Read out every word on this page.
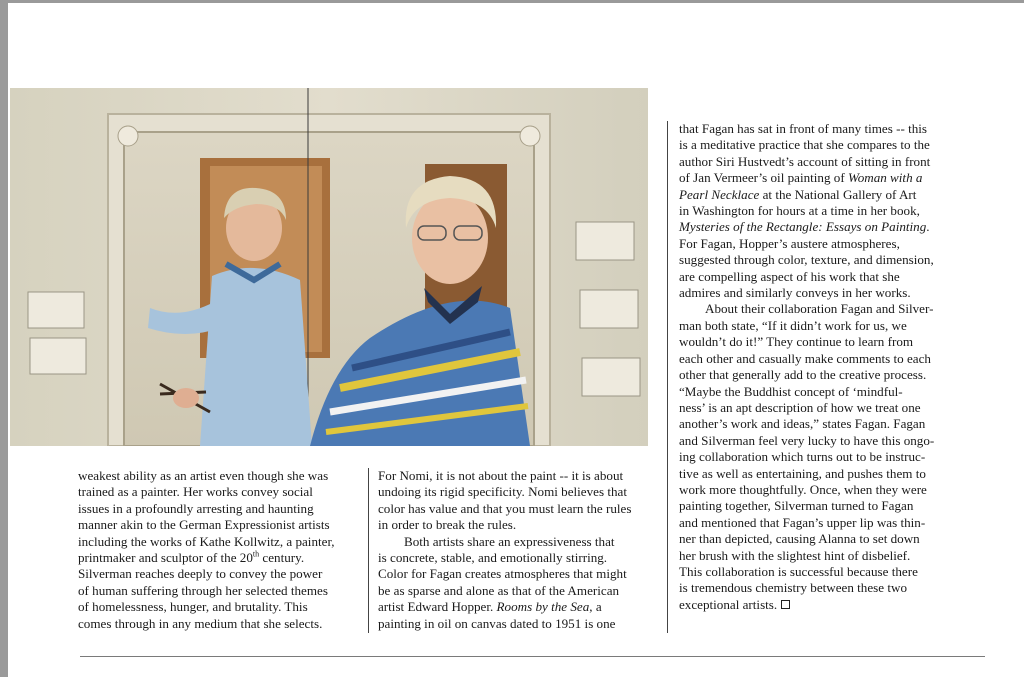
weakest ability as an artist even though she was
trained as a painter. Her works convey social
issues in a profoundly arresting and haunting
manner akin to the German Expressionist artists
including the works of Kathe Kollwitz, a painter,
printmaker and sculptor of the 20th century.
Silverman reaches deeply to convey the power
of human suffering through her selected themes
of homelessness, hunger, and brutality. This
comes through in any medium that she selects.
For Nomi, it is not about the paint -- it is about
undoing its rigid specificity. Nomi believes that
color has value and that you must learn the rules
in order to break the rules.
Both artists share an expressiveness that
is concrete, stable, and emotionally stirring.
Color for Fagan creates atmospheres that might
be as sparse and alone as that of the American
artist Edward Hopper. Rooms by the Sea, a
painting in oil on canvas dated to 1951 is one
that Fagan has sat in front of many times -- this
is a meditative practice that she compares to the
author Siri Hustvedt’s account of sitting in front
of Jan Vermeer’s oil painting of Woman with a
Pearl Necklace at the National Gallery of Art
in Washington for hours at a time in her book,
Mysteries of the Rectangle: Essays on Painting.
For Fagan, Hopper’s austere atmospheres,
suggested through color, texture, and dimension,
are compelling aspect of his work that she
admires and similarly conveys in her works.
About their collaboration Fagan and Silver-
man both state, “If it didn’t work for us, we
wouldn’t do it!” They continue to learn from
each other and casually make comments to each
other that generally add to the creative process.
“Maybe the Buddhist concept of ‘mindful-
ness’ is an apt description of how we treat one
another’s work and ideas,” states Fagan. Fagan
and Silverman feel very lucky to have this ongo-
ing collaboration which turns out to be instruc-
tive as well as entertaining, and pushes them to
work more thoughtfully. Once, when they were
painting together, Silverman turned to Fagan
and mentioned that Fagan’s upper lip was thin-
ner than depicted, causing Alanna to set down
her brush with the slightest hint of disbelief.
This collaboration is successful because there
is tremendous chemistry between these two
exceptional artists.
